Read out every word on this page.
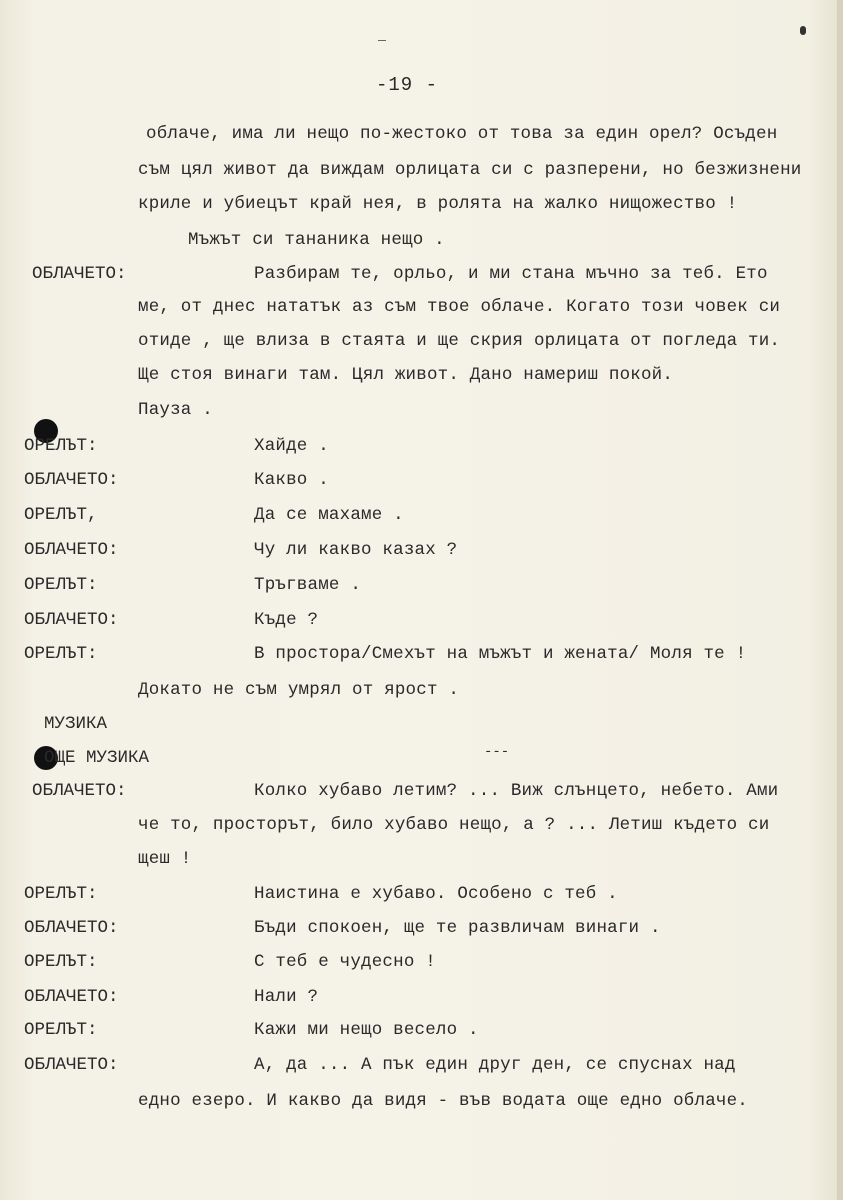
-19 -
облаче, има ли нещо по-жестоко от това за един орел? Осъден
съм цял живот да виждам орлицата си с разперени, но безжизнени
криле и убиецът край нея, в ролята на жалко нищожество !
Мъжът си тананика нещо .
ОБЛАЧЕТО:	Разбирам те, орльо, и ми стана мъчно за теб. Ето
ме, от днес нататък аз съм твое облаче. Когато този човек си
отиде , ще влиза в стаята и ще скрия орлицата от погледа ти.
Ще стоя винаги там. Цял живот. Дано намериш покой.
Пауза .
ОРЕЛЪТ:	Хайде .
ОБЛАЧЕТО:	Какво .
ОРЕЛЪТ,	Да се махаме .
ОБЛАЧЕТО:	Чу ли какво казах ?
ОРЕЛЪТ:	Тръгваме .
ОБЛАЧЕТО:	Къде ?
ОРЕЛЪТ:	В простора/Смехът на мъжът и жената/ Моля те !
Докато не съм умрял от ярост .
МУЗИКА
ОЩЕ МУЗИКА	---
ОБЛАЧЕТО:	Колко хубаво летим? ... Виж слънцето, небето. Ами
че то, просторът, било хубаво нещо, а ? ... Летиш където си
щеш !
ОРЕЛЪТ:	Наистина е хубаво. Особено с теб .
ОБЛАЧЕТО:	Бъди спокоен, ще те развличам винаги .
ОРЕЛЪТ:	С теб е чудесно !
ОБЛАЧЕТО:	Нали ?
ОРЕЛЪТ:	Кажи ми нещо весело .
ОБЛАЧЕТО:	А, да ... А пък един друг ден, се спуснах над
едно езеро. И какво да видя - във водата още едно облаче.
